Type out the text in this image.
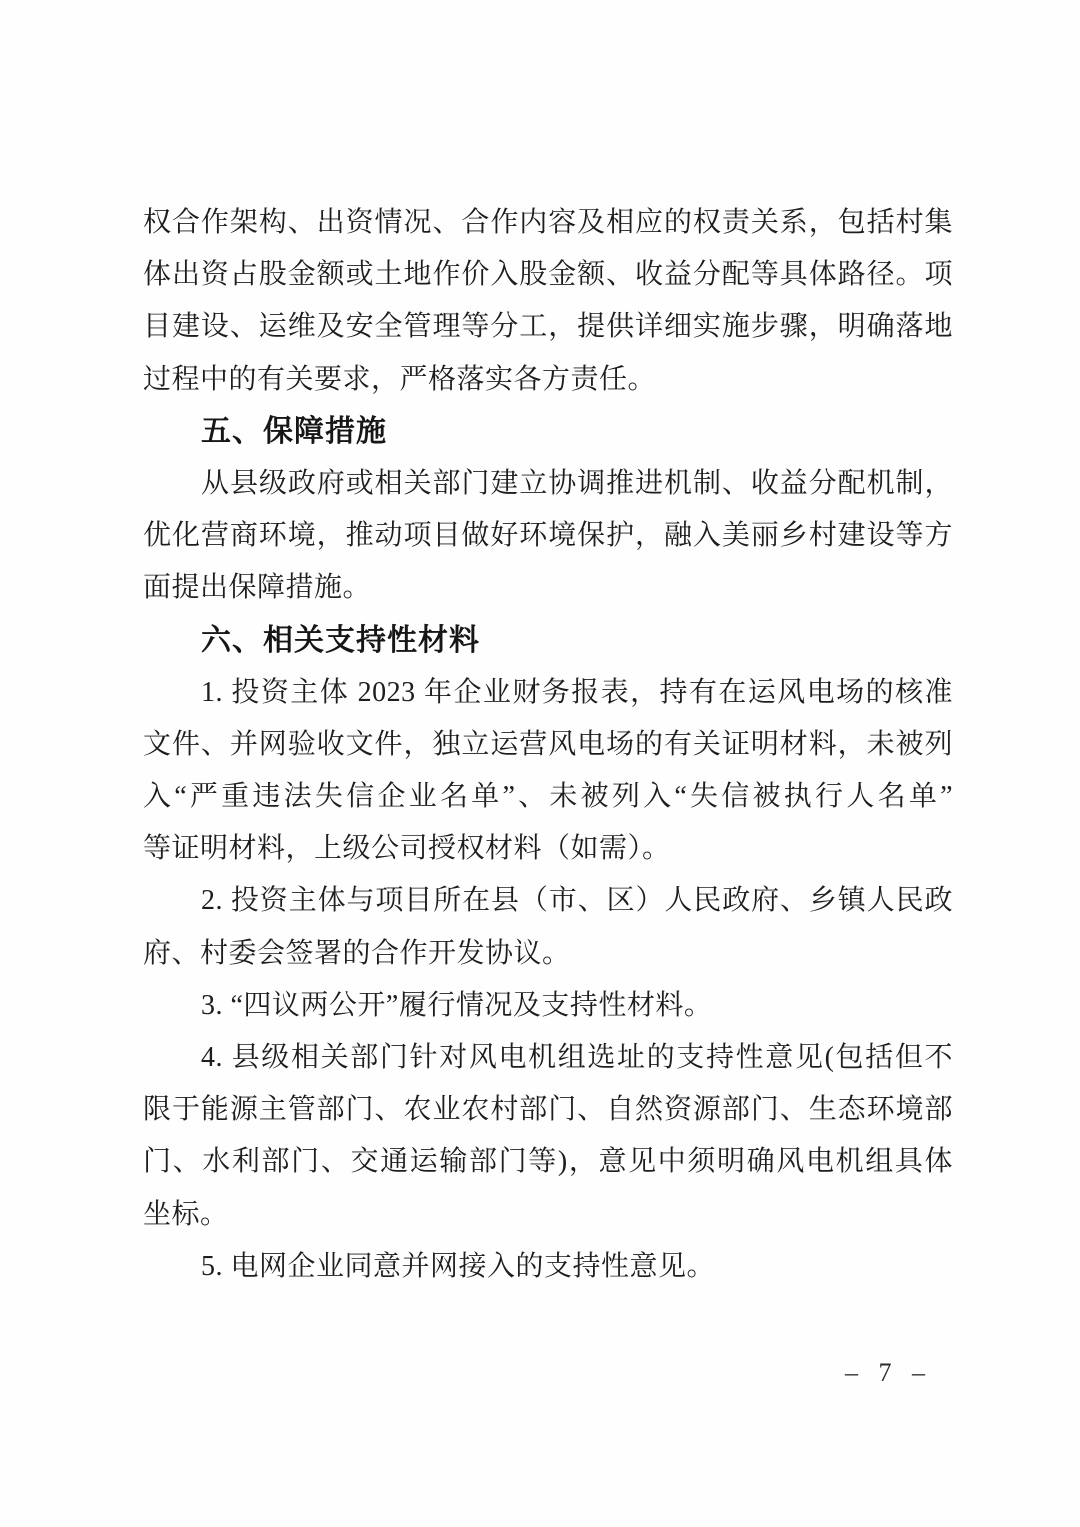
权合作架构、出资情况、合作内容及相应的权责关系，包括村集
体出资占股金额或土地作价入股金额、收益分配等具体路径。项
目建设、运维及安全管理等分工，提供详细实施步骤，明确落地
过程中的有关要求，严格落实各方责任。
五、保障措施
从县级政府或相关部门建立协调推进机制、收益分配机制，
优化营商环境，推动项目做好环境保护，融入美丽乡村建设等方
面提出保障措施。
六、相关支持性材料
1. 投资主体 2023 年企业财务报表，持有在运风电场的核准
文件、并网验收文件，独立运营风电场的有关证明材料，未被列
入“严重违法失信企业名单”、未被列入“失信被执行人名单”
等证明材料，上级公司授权材料（如需）。
2. 投资主体与项目所在县（市、区）人民政府、乡镇人民政
府、村委会签署的合作开发协议。
3. “四议两公开”履行情况及支持性材料。
4. 县级相关部门针对风电机组选址的支持性意见(包括但不
限于能源主管部门、农业农村部门、自然资源部门、生态环境部
门、水利部门、交通运输部门等)，意见中须明确风电机组具体
坐标。
5. 电网企业同意并网接入的支持性意见。
– 7 –
